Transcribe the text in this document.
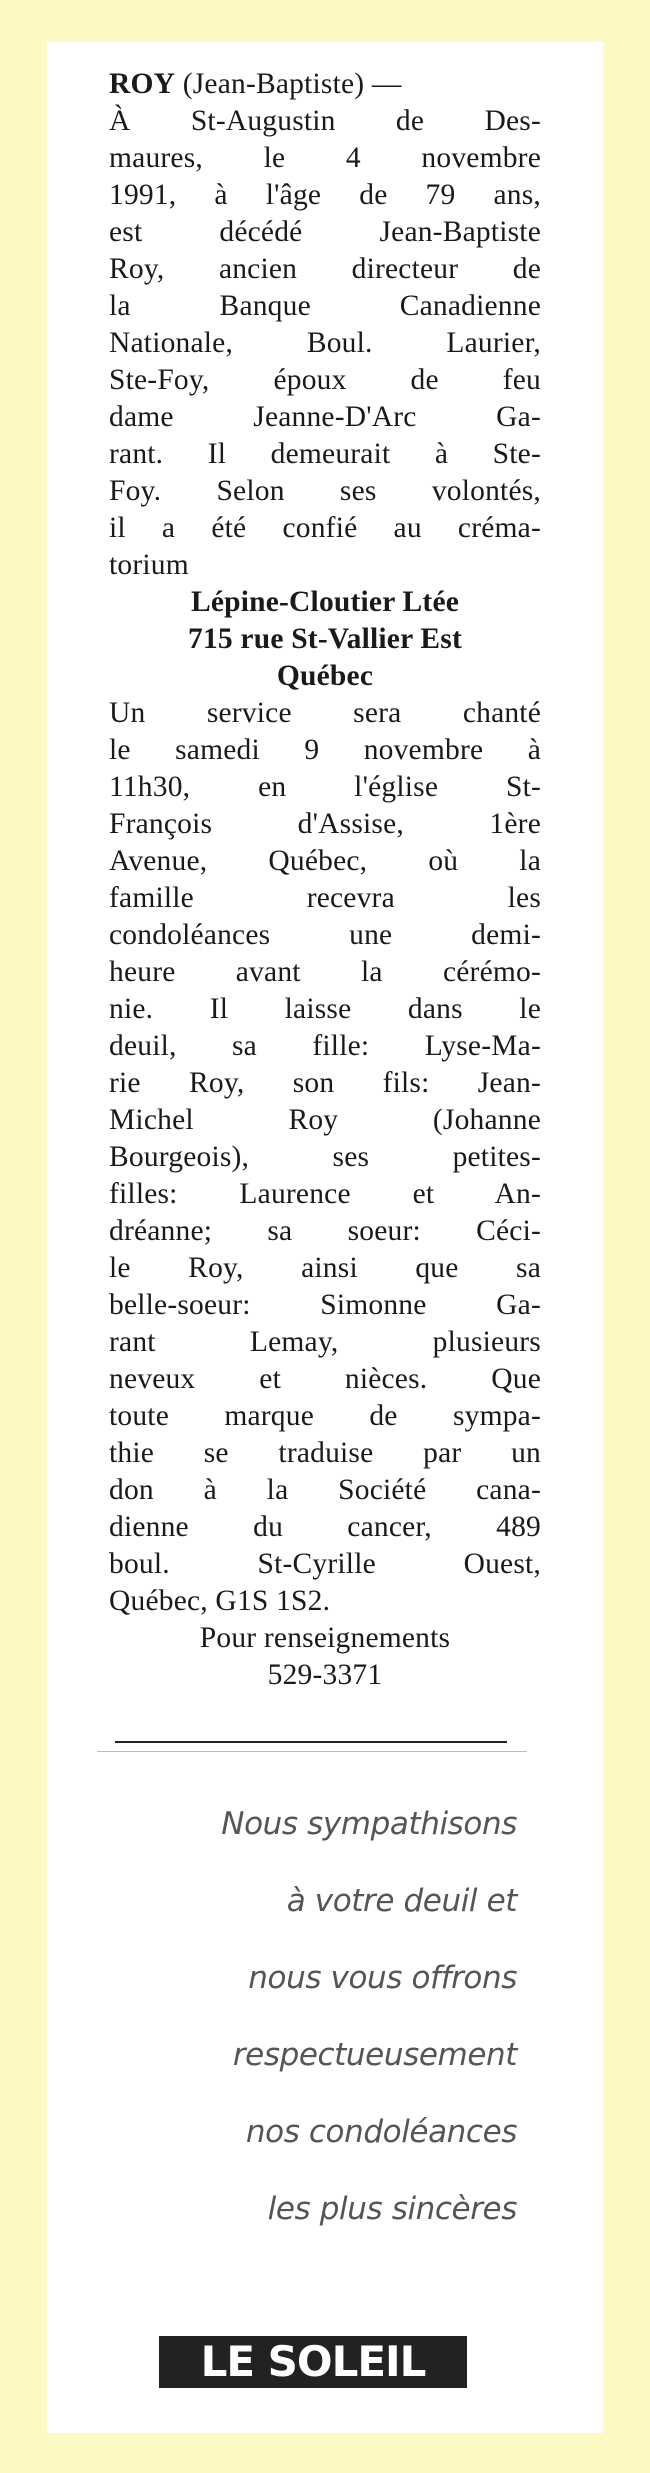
ROY (Jean-Baptiste) —
À St-Augustin de Des-
maures, le 4 novembre
1991, à l'âge de 79 ans,
est décédé Jean-Baptiste
Roy, ancien directeur de
la Banque Canadienne
Nationale, Boul. Laurier,
Ste-Foy, époux de feu
dame Jeanne-D'Arc Ga-
rant. Il demeurait à Ste-
Foy. Selon ses volontés,
il a été confié au créma-
torium
Lépine-Cloutier Ltée
715 rue St-Vallier Est
Québec
Un service sera chanté
le samedi 9 novembre à
11h30, en l'église St-
François d'Assise, 1ère
Avenue, Québec, où la
famille recevra les
condoléances une demi-
heure avant la cérémo-
nie. Il laisse dans le
deuil, sa fille: Lyse-Ma-
rie Roy, son fils: Jean-
Michel Roy (Johanne
Bourgeois), ses petites-
filles: Laurence et An-
dréanne; sa soeur: Céci-
le Roy, ainsi que sa
belle-soeur: Simonne Ga-
rant Lemay, plusieurs
neveux et nièces. Que
toute marque de sympa-
thie se traduise par un
don à la Société cana-
dienne du cancer, 489
boul. St-Cyrille Ouest,
Québec, G1S 1S2.
Pour renseignements
529-3371
Nous sympathisons
à votre deuil et
nous vous offrons
respectueusement
nos condoléances
les plus sincères
LE SOLEIL
